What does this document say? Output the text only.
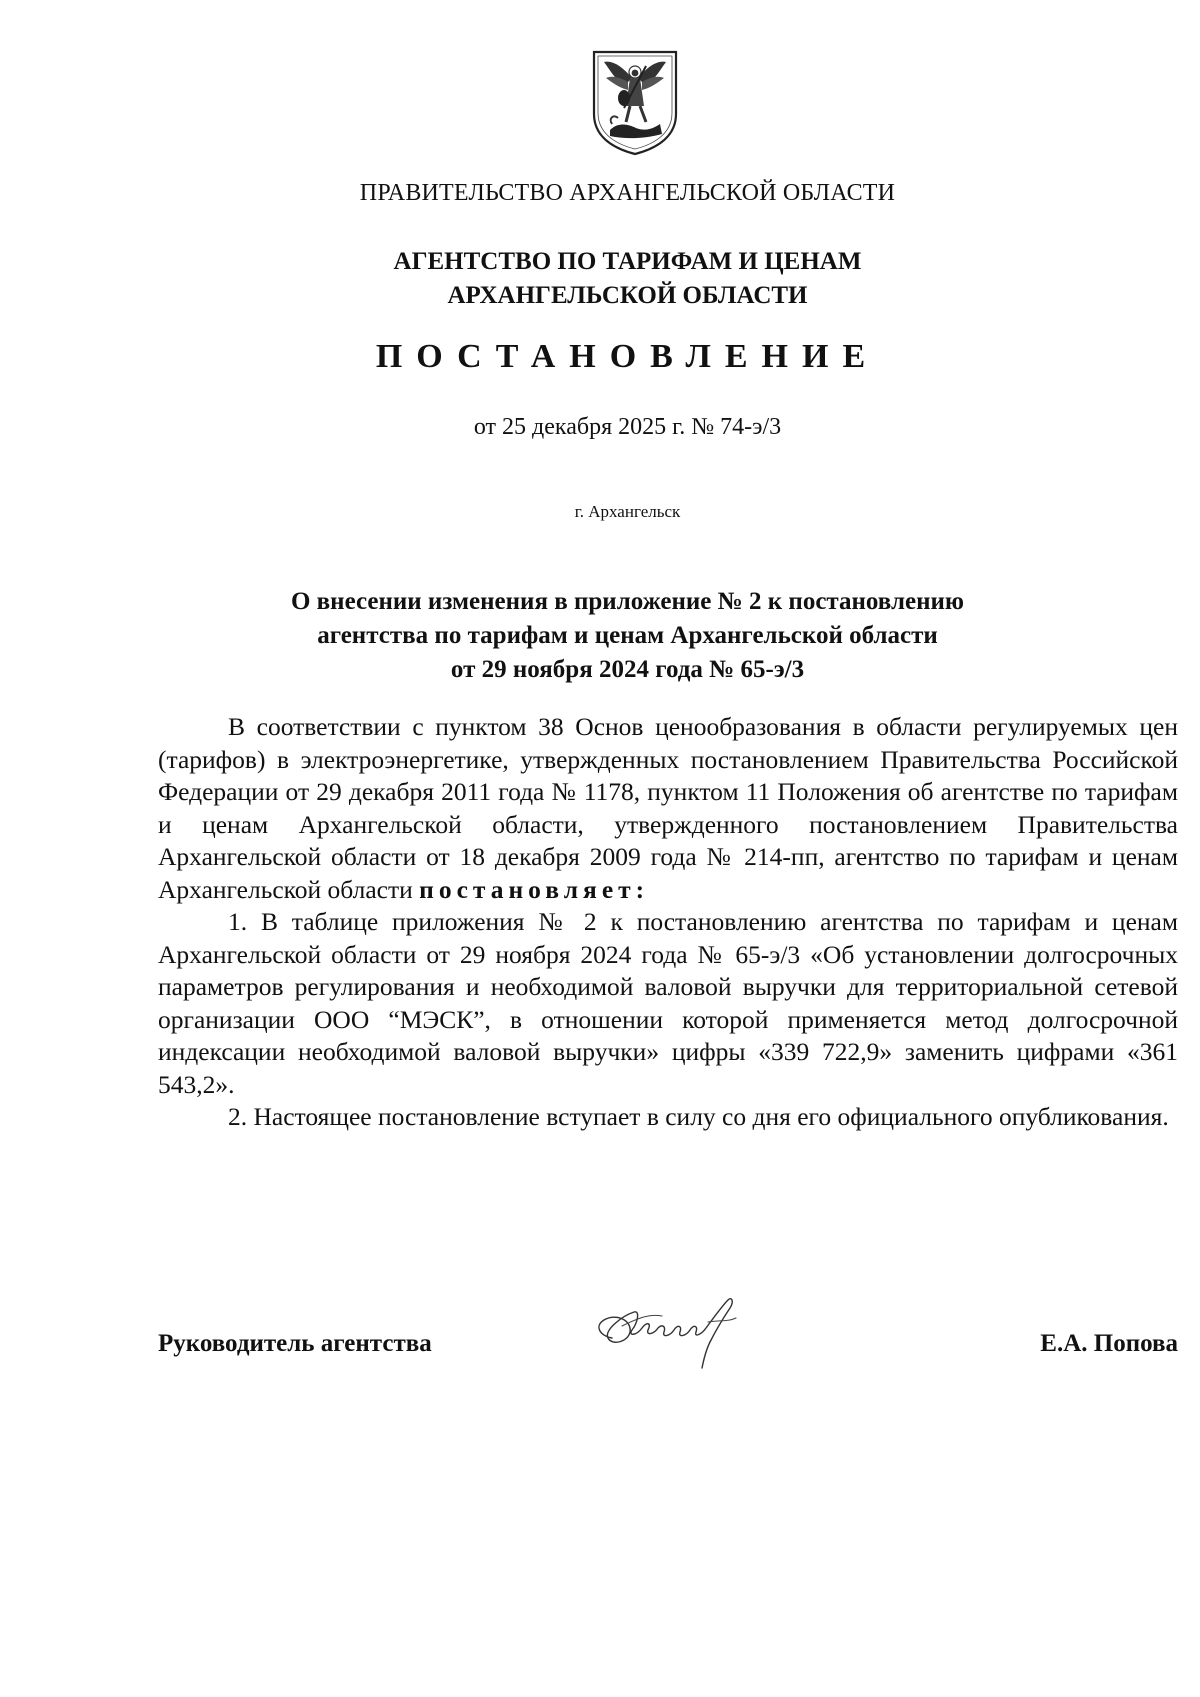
ПРАВИТЕЛЬСТВО АРХАНГЕЛЬСКОЙ ОБЛАСТИ
АГЕНТСТВО ПО ТАРИФАМ И ЦЕНАМ
АРХАНГЕЛЬСКОЙ ОБЛАСТИ
ПОСТАНОВЛЕНИЕ
от 25 декабря 2025 г. № 74-э/3
г. Архангельск
О внесении изменения в приложение № 2 к постановлению
агентства по тарифам и ценам Архангельской области
от 29 ноября 2024 года № 65-э/3

В соответствии с пунктом 38 Основ ценообразования в области регулируемых цен (тарифов) в электроэнергетике, утвержденных постановлением Правительства Российской Федерации от 29 декабря 2011 года № 1178, пунктом 11 Положения об агентстве по тарифам и ценам Архангельской области, утвержденного постановлением Правительства Архангельской области от 18 декабря 2009 года № 214-пп, агентство по тарифам и ценам Архангельской области постановляет:

1. В таблице приложения № 2 к постановлению агентства по тарифам и ценам Архангельской области от 29 ноября 2024 года № 65-э/3 «Об установлении долгосрочных параметров регулирования и необходимой валовой выручки для территориальной сетевой организации ООО “МЭСК”, в отношении которой применяется метод долгосрочной индексации необходимой валовой выручки» цифры «339 722,9» заменить цифрами «361 543,2».

2. Настоящее постановление вступает в силу со дня его официального опубликования.

Руководитель агентства	Е.А. Попова
